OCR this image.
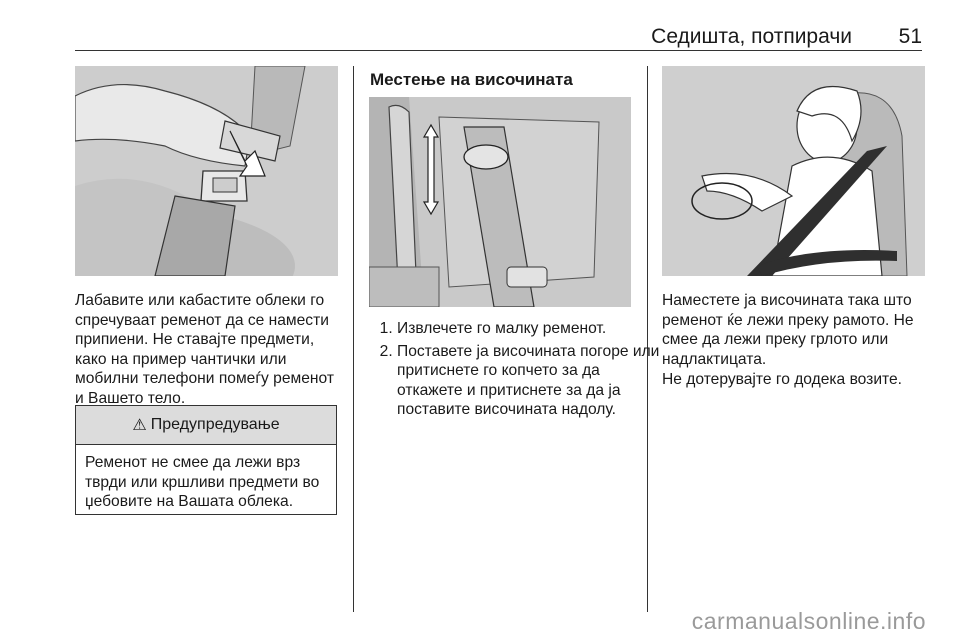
Седишта, потпирачи 51
Лабавите или кабастите облеки го спречуваат ременот да се намести припиени. Не ставајте предмети, како на пример чантички или мобилни телефони помеѓу ременот и Вашето тело.
⚠ Предупредување
Ременот не смее да лежи врз тврди или кршливи предмети во џебовите на Вашата облека.
Местење на височината
1. Извлечете го малку ременот.
2. Поставете ја височината погоре или притиснете го копчето за да откажете и притиснете за да ја поставите височината надолу.
Наместете ја височината така што ременот ќе лежи преку рамото. Не смее да лежи преку грлото или надлактицата.
Не дотерувајте го додека возите.
carmanualsonline.info
